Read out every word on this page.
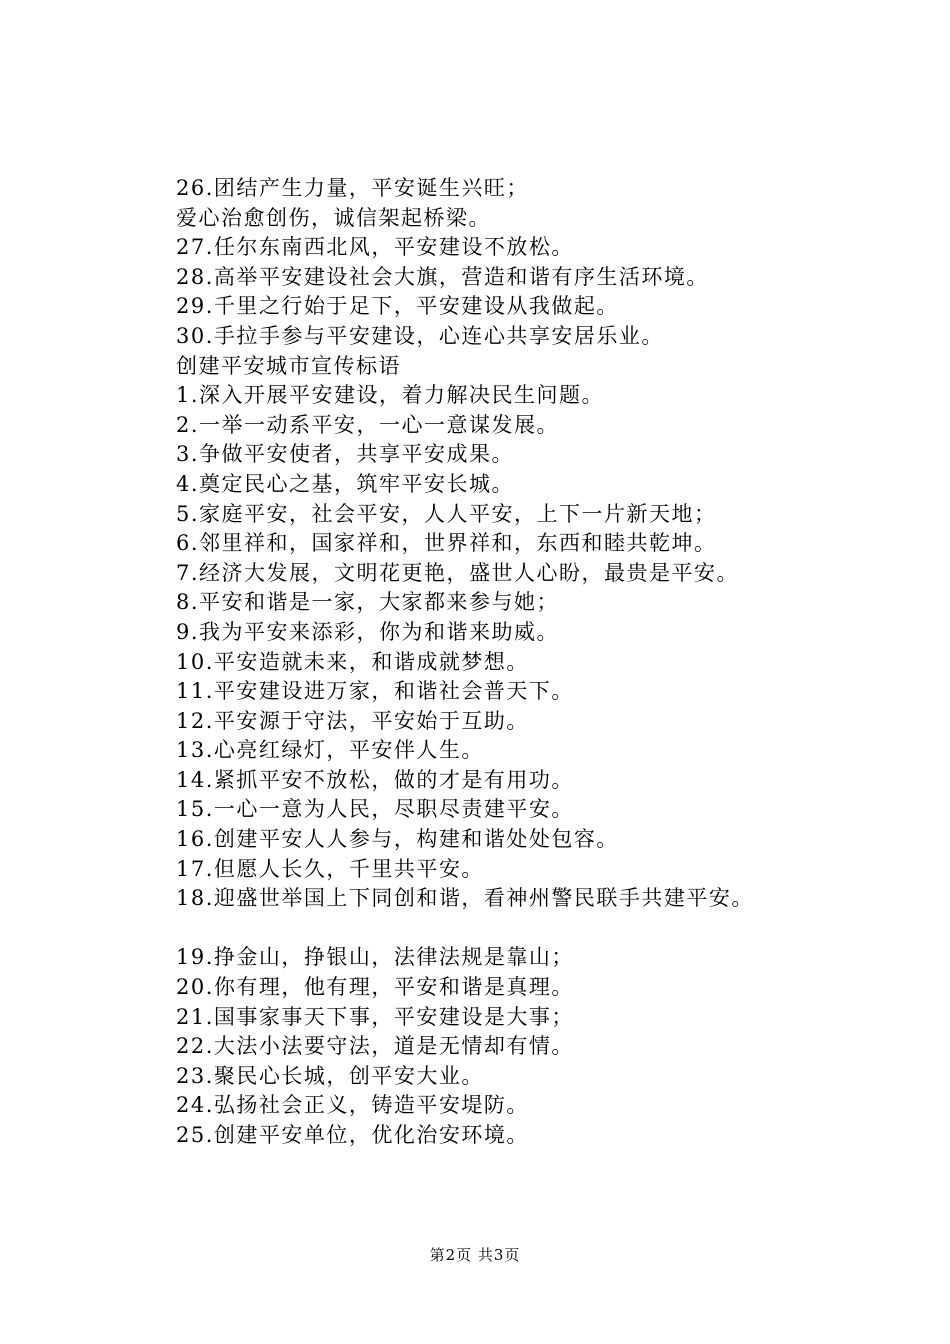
26.团结产生力量，平安诞生兴旺；
爱心治愈创伤，诚信架起桥梁。
27.任尔东南西北风，平安建设不放松。
28.高举平安建设社会大旗，营造和谐有序生活环境。
29.千里之行始于足下，平安建设从我做起。
30.手拉手参与平安建设，心连心共享安居乐业。
创建平安城市宣传标语
1.深入开展平安建设，着力解决民生问题。
2.一举一动系平安，一心一意谋发展。
3.争做平安使者，共享平安成果。
4.奠定民心之基，筑牢平安长城。
5.家庭平安，社会平安，人人平安，上下一片新天地；
6.邻里祥和，国家祥和，世界祥和，东西和睦共乾坤。
7.经济大发展，文明花更艳，盛世人心盼，最贵是平安。
8.平安和谐是一家，大家都来参与她；
9.我为平安来添彩，你为和谐来助威。
10.平安造就未来，和谐成就梦想。
11.平安建设进万家，和谐社会普天下。
12.平安源于守法，平安始于互助。
13.心亮红绿灯，平安伴人生。
14.紧抓平安不放松，做的才是有用功。
15.一心一意为人民，尽职尽责建平安。
16.创建平安人人参与，构建和谐处处包容。
17.但愿人长久，千里共平安。
18.迎盛世举国上下同创和谐，看神州警民联手共建平安。
19.挣金山，挣银山，法律法规是靠山；
20.你有理，他有理，平安和谐是真理。
21.国事家事天下事，平安建设是大事；
22.大法小法要守法，道是无情却有情。
23.聚民心长城，创平安大业。
24.弘扬社会正义，铸造平安堤防。
25.创建平安单位，优化治安环境。
第2页 共3页
